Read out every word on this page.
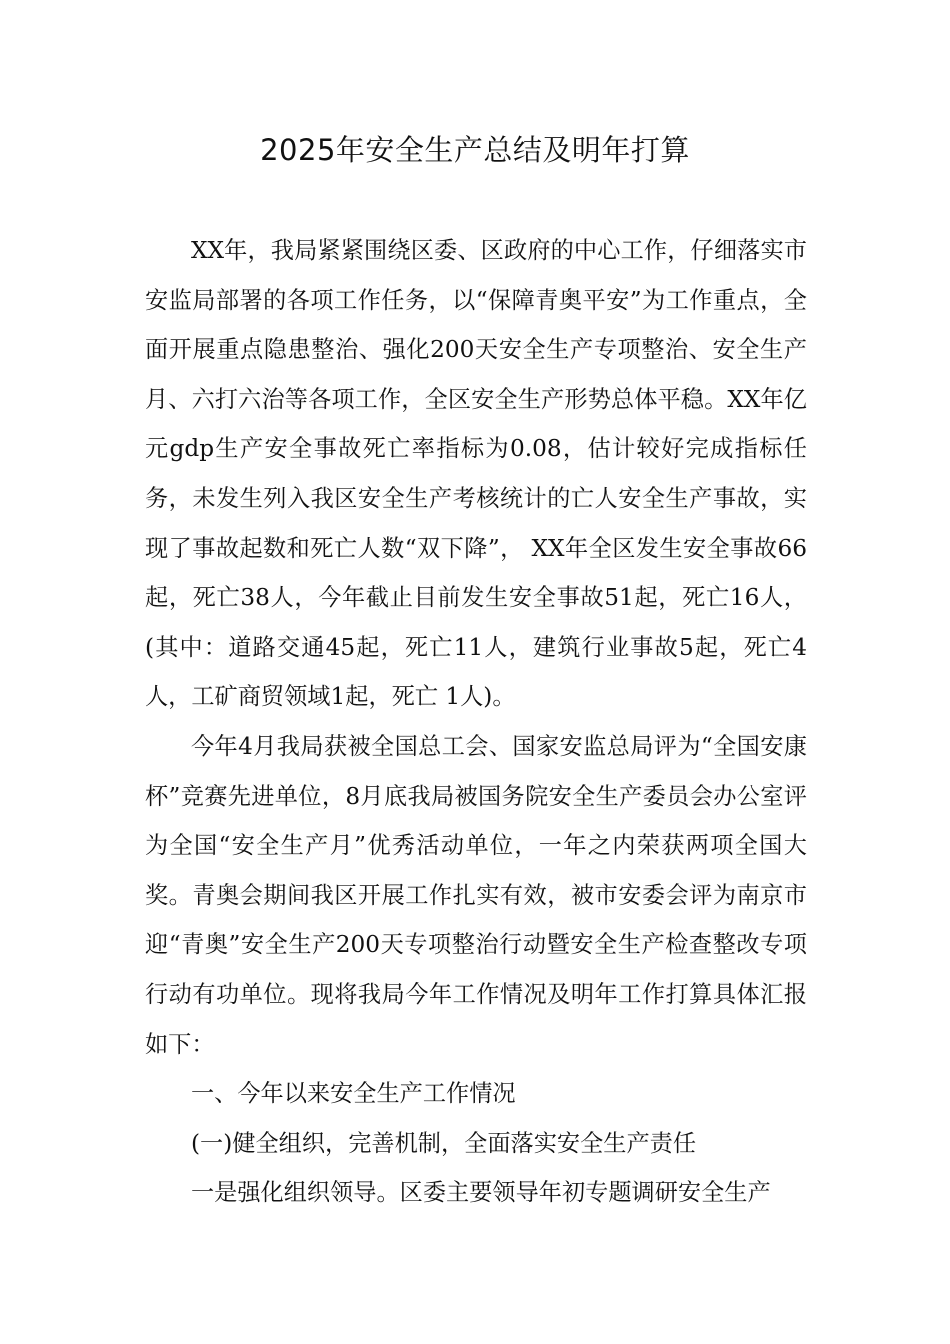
2025年安全生产总结及明年打算

XX年，我局紧紧围绕区委、区政府的中心工作，仔细落实市安监局部署的各项工作任务，以“保障青奥平安”为工作重点，全面开展重点隐患整治、强化200天安全生产专项整治、安全生产月、六打六治等各项工作，全区安全生产形势总体平稳。XX年亿元gdp生产安全事故死亡率指标为0.08，估计较好完成指标任务，未发生列入我区安全生产考核统计的亡人安全生产事故，实现了事故起数和死亡人数“双下降”， XX年全区发生安全事故66起，死亡38人，今年截止目前发生安全事故51起，死亡16人，(其中：道路交通45起，死亡11人，建筑行业事故5起，死亡4人，工矿商贸领域1起，死亡 1人)。

今年4月我局获被全国总工会、国家安监总局评为“全国安康杯”竞赛先进单位，8月底我局被国务院安全生产委员会办公室评为全国“安全生产月”优秀活动单位，一年之内荣获两项全国大奖。青奥会期间我区开展工作扎实有效，被市安委会评为南京市迎“青奥”安全生产200天专项整治行动暨安全生产检查整改专项行动有功单位。现将我局今年工作情况及明年工作打算具体汇报如下：

一、今年以来安全生产工作情况

(一)健全组织，完善机制，全面落实安全生产责任

一是强化组织领导。区委主要领导年初专题调研安全生产
